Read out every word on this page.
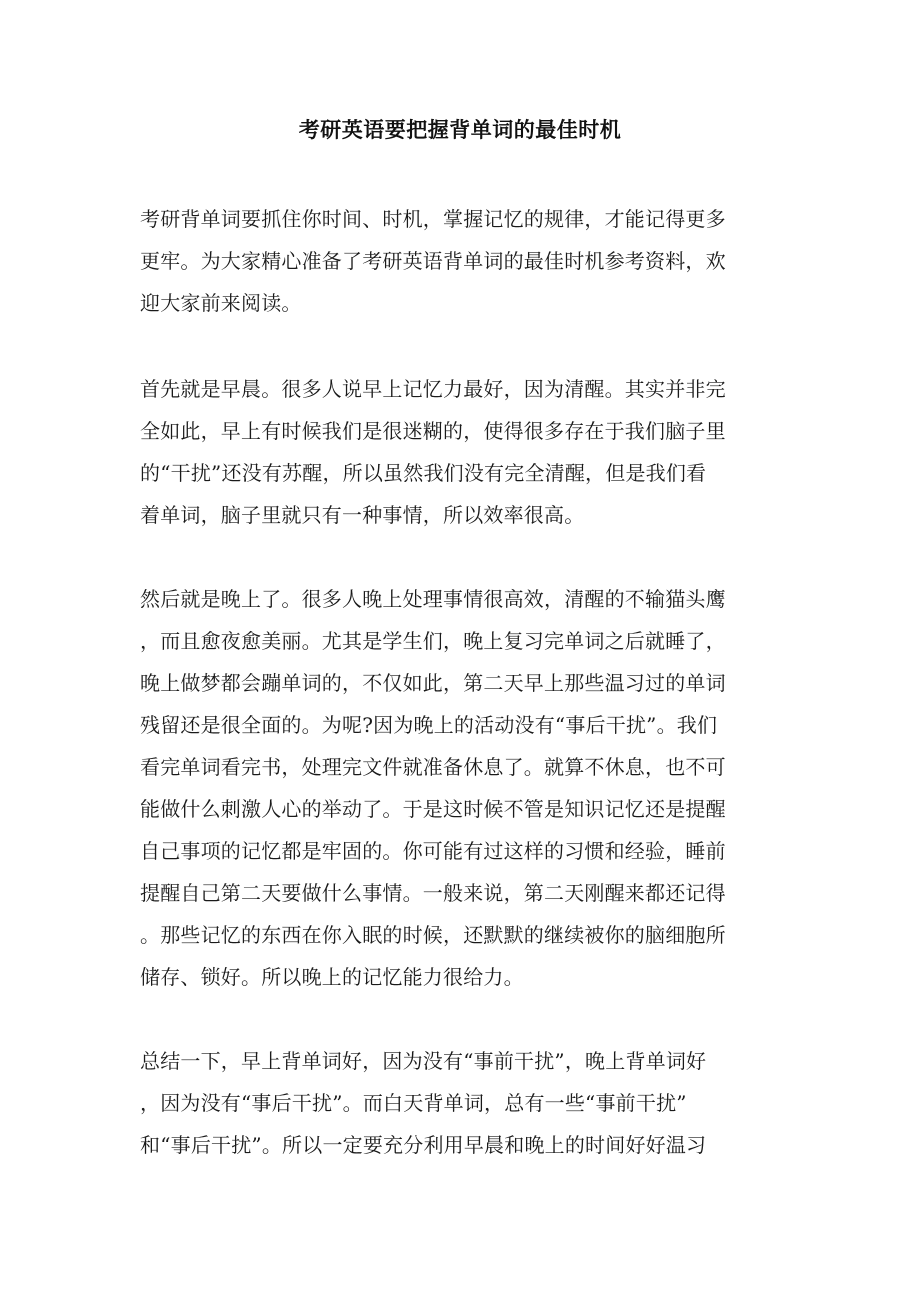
考研英语要把握背单词的最佳时机
考研背单词要抓住你时间、时机，掌握记忆的规律，才能记得更多
更牢。为大家精心准备了考研英语背单词的最佳时机参考资料，欢
迎大家前来阅读。
首先就是早晨。很多人说早上记忆力最好，因为清醒。其实并非完
全如此，早上有时候我们是很迷糊的，使得很多存在于我们脑子里
的“干扰”还没有苏醒，所以虽然我们没有完全清醒，但是我们看
着单词，脑子里就只有一种事情，所以效率很高。
然后就是晚上了。很多人晚上处理事情很高效，清醒的不输猫头鹰
，而且愈夜愈美丽。尤其是学生们，晚上复习完单词之后就睡了，
晚上做梦都会蹦单词的，不仅如此，第二天早上那些温习过的单词
残留还是很全面的。为呢?因为晚上的活动没有“事后干扰”。我们
看完单词看完书，处理完文件就准备休息了。就算不休息，也不可
能做什么刺激人心的举动了。于是这时候不管是知识记忆还是提醒
自己事项的记忆都是牢固的。你可能有过这样的习惯和经验，睡前
提醒自己第二天要做什么事情。一般来说，第二天刚醒来都还记得
。那些记忆的东西在你入眠的时候，还默默的继续被你的脑细胞所
储存、锁好。所以晚上的记忆能力很给力。
总结一下，早上背单词好，因为没有“事前干扰”，晚上背单词好
，因为没有“事后干扰”。而白天背单词，总有一些“事前干扰”
和“事后干扰”。所以一定要充分利用早晨和晚上的时间好好温习
